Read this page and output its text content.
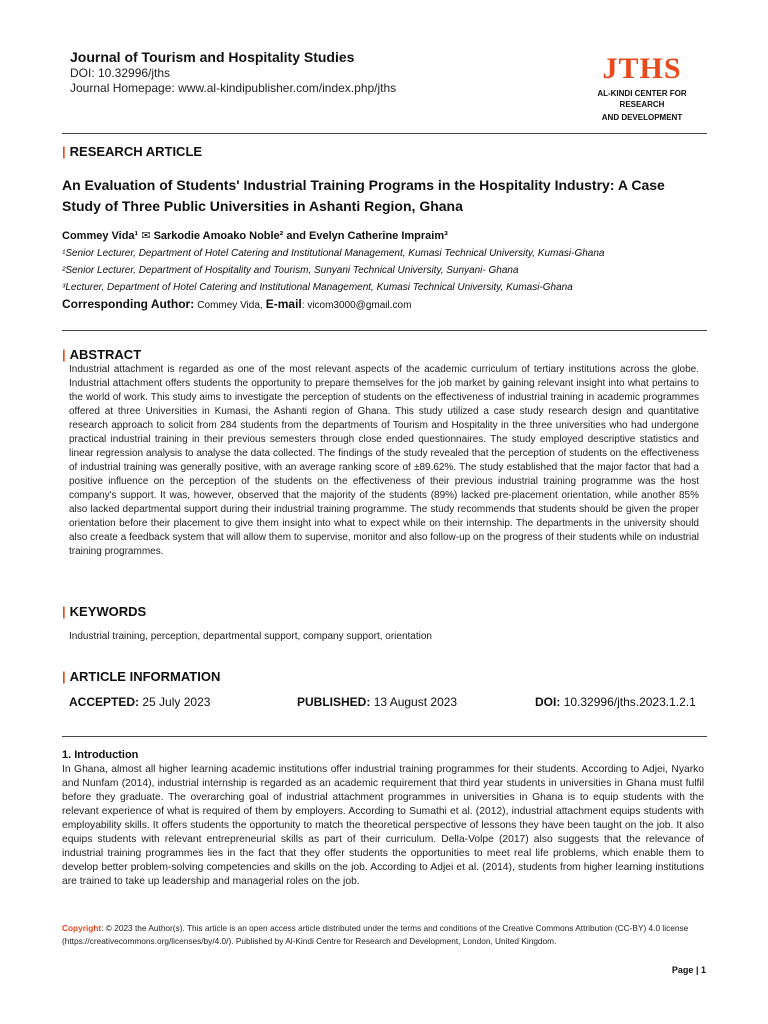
Journal of Tourism and Hospitality Studies
DOI: 10.32996/jths
Journal Homepage: www.al-kindipublisher.com/index.php/jths
JTHS
AL-KINDI CENTER FOR RESEARCH
AND DEVELOPMENT
| RESEARCH ARTICLE
An Evaluation of Students' Industrial Training Programs in the Hospitality Industry: A Case Study of Three Public Universities in Ashanti Region, Ghana
Commey Vida¹ ✉ Sarkodie Amoako Noble² and Evelyn Catherine Impraim³
¹Senior Lecturer, Department of Hotel Catering and Institutional Management, Kumasi Technical University, Kumasi-Ghana
²Senior Lecturer, Department of Hospitality and Tourism, Sunyani Technical University, Sunyani- Ghana
³Lecturer, Department of Hotel Catering and Institutional Management, Kumasi Technical University, Kumasi-Ghana
Corresponding Author: Commey Vida, E-mail: vicom3000@gmail.com
| ABSTRACT
Industrial attachment is regarded as one of the most relevant aspects of the academic curriculum of tertiary institutions across the globe. Industrial attachment offers students the opportunity to prepare themselves for the job market by gaining relevant insight into what pertains to the world of work. This study aims to investigate the perception of students on the effectiveness of industrial training in academic programmes offered at three Universities in Kumasi, the Ashanti region of Ghana. This study utilized a case study research design and quantitative research approach to solicit from 284 students from the departments of Tourism and Hospitality in the three universities who had undergone practical industrial training in their previous semesters through close ended questionnaires. The study employed descriptive statistics and linear regression analysis to analyse the data collected. The findings of the study revealed that the perception of students on the effectiveness of industrial training was generally positive, with an average ranking score of ±89.62%. The study established that the major factor that had a positive influence on the perception of the students on the effectiveness of their previous industrial training programme was the host company's support. It was, however, observed that the majority of the students (89%) lacked pre-placement orientation, while another 85% also lacked departmental support during their industrial training programme. The study recommends that students should be given the proper orientation before their placement to give them insight into what to expect while on their internship. The departments in the university should also create a feedback system that will allow them to supervise, monitor and also follow-up on the progress of their students while on industrial training programmes.
| KEYWORDS
Industrial training, perception, departmental support, company support, orientation
| ARTICLE INFORMATION
ACCEPTED: 25 July 2023	PUBLISHED: 13 August 2023	DOI: 10.32996/jths.2023.1.2.1
1. Introduction
In Ghana, almost all higher learning academic institutions offer industrial training programmes for their students. According to Adjei, Nyarko and Nunfam (2014), industrial internship is regarded as an academic requirement that third year students in universities in Ghana must fulfil before they graduate. The overarching goal of industrial attachment programmes in universities in Ghana is to equip students with the relevant experience of what is required of them by employers. According to Sumathi et al. (2012), industrial attachment equips students with employability skills. It offers students the opportunity to match the theoretical perspective of lessons they have been taught on the job. It also equips students with relevant entrepreneurial skills as part of their curriculum. Della-Volpe (2017) also suggests that the relevance of industrial training programmes lies in the fact that they offer students the opportunities to meet real life problems, which enable them to develop better problem-solving competencies and skills on the job. According to Adjei et al. (2014), students from higher learning institutions are trained to take up leadership and managerial roles on the job.
Copyright: © 2023 the Author(s). This article is an open access article distributed under the terms and conditions of the Creative Commons Attribution (CC-BY) 4.0 license (https://creativecommons.org/licenses/by/4.0/). Published by Al-Kindi Centre for Research and Development, London, United Kingdom.
Page | 1
